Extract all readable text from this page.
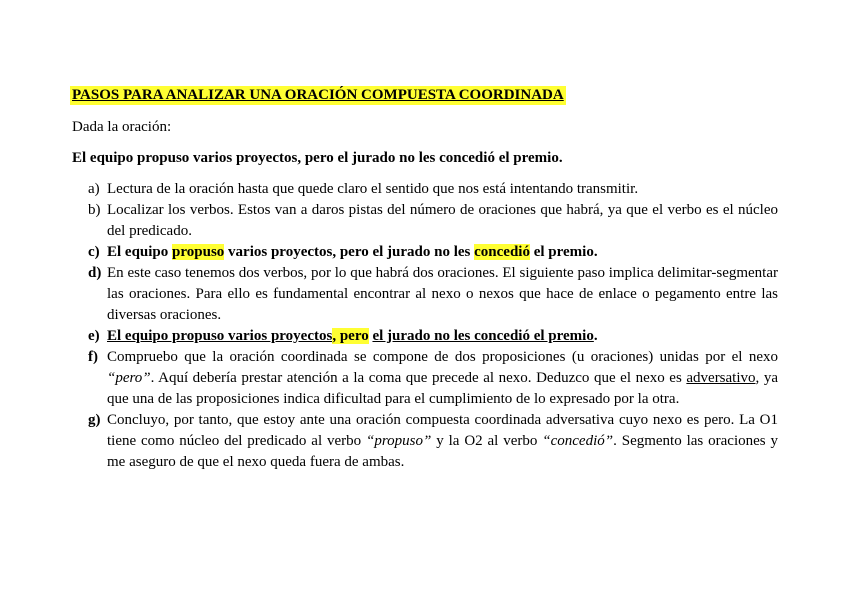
PASOS PARA ANALIZAR UNA ORACIÓN COMPUESTA COORDINADA
Dada la oración:
El equipo propuso varios proyectos, pero el jurado no les concedió el premio.
a) Lectura de la oración hasta que quede claro el sentido que nos está intentando transmitir.
b) Localizar los verbos. Estos van a daros pistas del número de oraciones que habrá, ya que el verbo es el núcleo del predicado.
c) El equipo propuso varios proyectos, pero el jurado no les concedió el premio.
d) En este caso tenemos dos verbos, por lo que habrá dos oraciones. El siguiente paso implica delimitar-segmentar las oraciones. Para ello es fundamental encontrar al nexo o nexos que hace de enlace o pegamento entre las diversas oraciones.
e) El equipo propuso varios proyectos, pero el jurado no les concedió el premio.
f) Compruebo que la oración coordinada se compone de dos proposiciones (u oraciones) unidas por el nexo “pero”. Aquí debería prestar atención a la coma que precede al nexo. Deduzco que el nexo es adversativo, ya que una de las proposiciones indica dificultad para el cumplimiento de lo expresado por la otra.
g) Concluyo, por tanto, que estoy ante una oración compuesta coordinada adversativa cuyo nexo es pero. La O1 tiene como núcleo del predicado al verbo “propuso” y la O2 al verbo “concedió”. Segmento las oraciones y me aseguro de que el nexo queda fuera de ambas.
